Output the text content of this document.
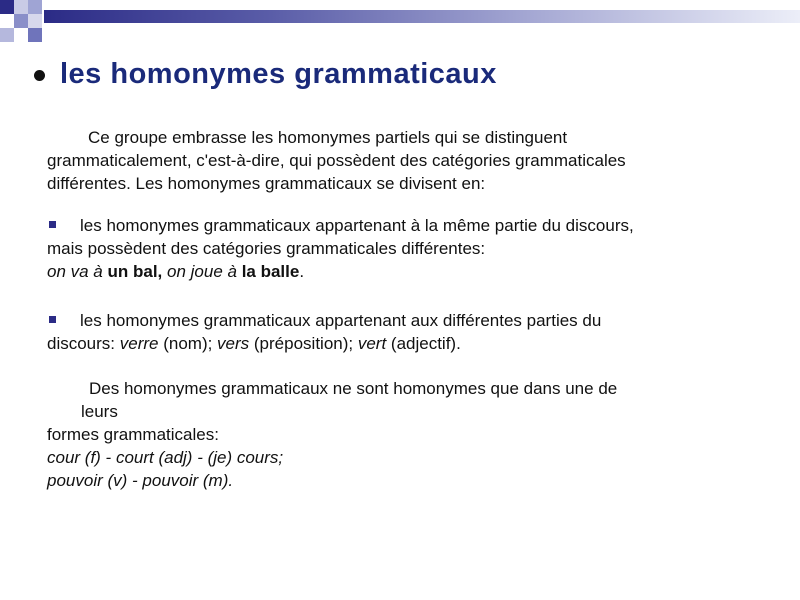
les homonymes grammaticaux
Ce groupe embrasse les homonymes partiels qui se distinguent
grammaticalement, c'est-à-dire, qui possèdent des catégories grammaticales
différentes. Les homonymes grammaticaux se divisent en:
les homonymes grammaticaux appartenant à la même partie du discours,
mais possèdent des catégories grammaticales différentes:
on va à un bal, on joue à la balle.
les homonymes grammaticaux appartenant aux différentes parties du
discours: verre (nom); vers (préposition); vert (adjectif).
Des homonymes grammaticaux ne sont homonymes que dans une de
leurs
formes grammaticales:
cour (f) - court (adj) - (je) cours;
pouvoir (v) - pouvoir (m).
